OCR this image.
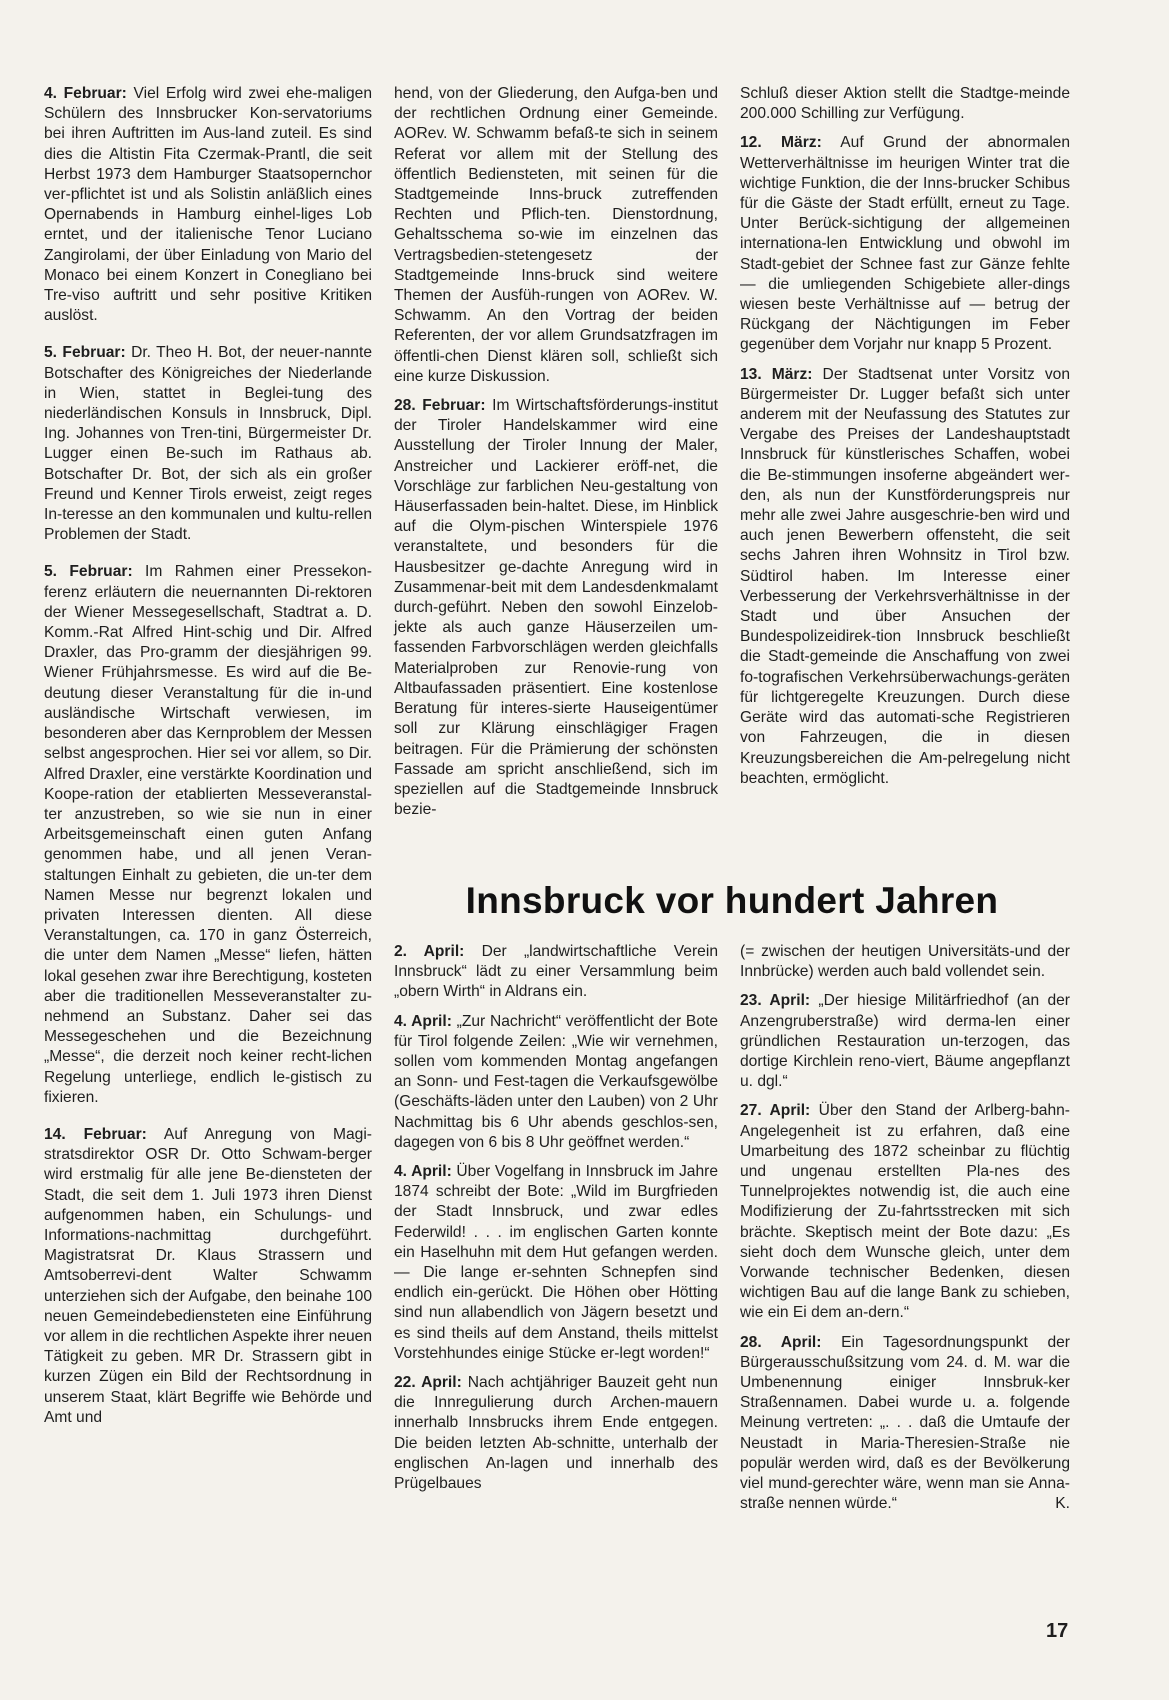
4. Februar: Viel Erfolg wird zwei ehe-maligen Schülern des Innsbrucker Kon-servatoriums bei ihren Auftritten im Aus-land zuteil. Es sind dies die Altistin Fita Czermak-Prantl, die seit Herbst 1973 dem Hamburger Staatsopernchor ver-pflichtet ist und als Solistin anläßlich eines Opernabends in Hamburg einhel-liges Lob erntet, und der italienische Tenor Luciano Zangirolami, der über Einladung von Mario del Monaco bei einem Konzert in Conegliano bei Tre-viso auftritt und sehr positive Kritiken auslöst.

5. Februar: Dr. Theo H. Bot, der neuer-nannte Botschafter des Königreiches der Niederlande in Wien, stattet in Beglei-tung des niederländischen Konsuls in Innsbruck, Dipl. Ing. Johannes von Tren-tini, Bürgermeister Dr. Lugger einen Be-such im Rathaus ab. Botschafter Dr. Bot, der sich als ein großer Freund und Kenner Tirols erweist, zeigt reges In-teresse an den kommunalen und kultu-rellen Problemen der Stadt.

5. Februar: Im Rahmen einer Pressekon-ferenz erläutern die neuernannten Di-rektoren der Wiener Messegesellschaft, Stadtrat a. D. Komm.-Rat Alfred Hint-schig und Dir. Alfred Draxler, das Pro-gramm der diesjährigen 99. Wiener Frühjahrsmesse. Es wird auf die Be-deutung dieser Veranstaltung für die in-und ausländische Wirtschaft verwiesen, im besonderen aber das Kernproblem der Messen selbst angesprochen. Hier sei vor allem, so Dir. Alfred Draxler, eine verstärkte Koordination und Koope-ration der etablierten Messeveranstal-ter anzustreben, so wie sie nun in einer Arbeitsgemeinschaft einen guten Anfang genommen habe, und all jenen Veran-staltungen Einhalt zu gebieten, die un-ter dem Namen Messe nur begrenzt lokalen und privaten Interessen dienten. All diese Veranstaltungen, ca. 170 in ganz Österreich, die unter dem Namen „Messe“ liefen, hätten lokal gesehen zwar ihre Berechtigung, kosteten aber die traditionellen Messeveranstalter zu-nehmend an Substanz. Daher sei das Messegeschehen und die Bezeichnung „Messe“, die derzeit noch keiner recht-lichen Regelung unterliege, endlich le-gistisch zu fixieren.

14. Februar: Auf Anregung von Magi-stratsdirektor OSR Dr. Otto Schwam-berger wird erstmalig für alle jene Be-diensteten der Stadt, die seit dem 1. Juli 1973 ihren Dienst aufgenommen haben, ein Schulungs- und Informations-nachmittag durchgeführt. Magistratsrat Dr. Klaus Strassern und Amtsoberrevi-dent Walter Schwamm unterziehen sich der Aufgabe, den beinahe 100 neuen Gemeindebediensteten eine Einführung vor allem in die rechtlichen Aspekte ihrer neuen Tätigkeit zu geben. MR Dr. Strassern gibt in kurzen Zügen ein Bild der Rechtsordnung in unserem Staat, klärt Begriffe wie Behörde und Amt und

hend, von der Gliederung, den Aufga-ben und der rechtlichen Ordnung einer Gemeinde. AORev. W. Schwamm befaß-te sich in seinem Referat vor allem mit der Stellung des öffentlich Bediensteten, mit seinen für die Stadtgemeinde Inns-bruck zutreffenden Rechten und Pflich-ten. Dienstordnung, Gehaltsschema so-wie im einzelnen das Vertragsbedien-stetengesetz der Stadtgemeinde Inns-bruck sind weitere Themen der Ausfüh-rungen von AORev. W. Schwamm. An den Vortrag der beiden Referenten, der vor allem Grundsatzfragen im öffentli-chen Dienst klären soll, schließt sich eine kurze Diskussion.

28. Februar: Im Wirtschaftsförderungs-institut der Tiroler Handelskammer wird eine Ausstellung der Tiroler Innung der Maler, Anstreicher und Lackierer eröff-net, die Vorschläge zur farblichen Neu-gestaltung von Häuserfassaden bein-haltet. Diese, im Hinblick auf die Olym-pischen Winterspiele 1976 veranstaltete, und besonders für die Hausbesitzer ge-dachte Anregung wird in Zusammenar-beit mit dem Landesdenkmalamt durch-geführt. Neben den sowohl Einzelob-jekte als auch ganze Häuserzeilen um-fassenden Farbvorschlägen werden gleichfalls Materialproben zur Renovie-rung von Altbaufassaden präsentiert. Eine kostenlose Beratung für interes-sierte Hauseigentümer soll zur Klärung einschlägiger Fragen beitragen. Für die Prämierung der schönsten Fassade am spricht anschließend, sich im speziellen auf die Stadtgemeinde Innsbruck bezie-

Schluß dieser Aktion stellt die Stadtge-meinde 200.000 Schilling zur Verfügung.

12. März: Auf Grund der abnormalen Wetterverhältnisse im heurigen Winter trat die wichtige Funktion, die der Inns-brucker Schibus für die Gäste der Stadt erfüllt, erneut zu Tage. Unter Berück-sichtigung der allgemeinen internationa-len Entwicklung und obwohl im Stadt-gebiet der Schnee fast zur Gänze fehlte — die umliegenden Schigebiete aller-dings wiesen beste Verhältnisse auf — betrug der Rückgang der Nächtigungen im Feber gegenüber dem Vorjahr nur knapp 5 Prozent.

13. März: Der Stadtsenat unter Vorsitz von Bürgermeister Dr. Lugger befaßt sich unter anderem mit der Neufassung des Statutes zur Vergabe des Preises der Landeshauptstadt Innsbruck für künstlerisches Schaffen, wobei die Be-stimmungen insoferne abgeändert wer-den, als nun der Kunstförderungspreis nur mehr alle zwei Jahre ausgeschrie-ben wird und auch jenen Bewerbern offensteht, die seit sechs Jahren ihren Wohnsitz in Tirol bzw. Südtirol haben. Im Interesse einer Verbesserung der Verkehrsverhältnisse in der Stadt und über Ansuchen der Bundespolizeidirek-tion Innsbruck beschließt die Stadt-gemeinde die Anschaffung von zwei fo-tografischen Verkehrsüberwachungs-geräten für lichtgeregelte Kreuzungen. Durch diese Geräte wird das automati-sche Registrieren von Fahrzeugen, die in diesen Kreuzungsbereichen die Am-pelregelung nicht beachten, ermöglicht.

Innsbruck vor hundert Jahren

2. April: Der „landwirtschaftliche Verein Innsbruck“ lädt zu einer Versammlung beim „obern Wirth“ in Aldrans ein.

4. April: „Zur Nachricht“ veröffentlicht der Bote für Tirol folgende Zeilen: „Wie wir vernehmen, sollen vom kommenden Montag angefangen an Sonn- und Fest-tagen die Verkaufsgewölbe (Geschäfts-läden unter den Lauben) von 2 Uhr Nachmittag bis 6 Uhr abends geschlos-sen, dagegen von 6 bis 8 Uhr geöffnet werden.“

4. April: Über Vogelfang in Innsbruck im Jahre 1874 schreibt der Bote: „Wild im Burgfrieden der Stadt Innsbruck, und zwar edles Federwild! . . . im englischen Garten konnte ein Haselhuhn mit dem Hut gefangen werden. — Die lange er-sehnten Schnepfen sind endlich ein-gerückt. Die Höhen ober Hötting sind nun allabendlich von Jägern besetzt und es sind theils auf dem Anstand, theils mittelst Vorstehhundes einige Stücke er-legt worden!“

22. April: Nach achtjähriger Bauzeit geht nun die Innregulierung durch Archen-mauern innerhalb Innsbrucks ihrem Ende entgegen. Die beiden letzten Ab-schnitte, unterhalb der englischen An-lagen und innerhalb des Prügelbaues

(= zwischen der heutigen Universitäts-und der Innbrücke) werden auch bald vollendet sein.

23. April: „Der hiesige Militärfriedhof (an der Anzengruberstraße) wird derma-len einer gründlichen Restauration un-terzogen, das dortige Kirchlein reno-viert, Bäume angepflanzt u. dgl.“

27. April: Über den Stand der Arlberg-bahn-Angelegenheit ist zu erfahren, daß eine Umarbeitung des 1872 scheinbar zu flüchtig und ungenau erstellten Pla-nes des Tunnelprojektes notwendig ist, die auch eine Modifizierung der Zu-fahrtsstrecken mit sich brächte. Skeptisch meint der Bote dazu: „Es sieht doch dem Wunsche gleich, unter dem Vorwande technischer Bedenken, diesen wichtigen Bau auf die lange Bank zu schieben, wie ein Ei dem an-dern.“

28. April: Ein Tagesordnungspunkt der Bürgerausschußsitzung vom 24. d. M. war die Umbenennung einiger Innsbruk-ker Straßennamen. Dabei wurde u. a. folgende Meinung vertreten: „. . . daß die Umtaufe der Neustadt in Maria-Theresien-Straße nie populär werden wird, daß es der Bevölkerung viel mund-gerechter wäre, wenn man sie Anna-straße nennen würde.“	K.

17
